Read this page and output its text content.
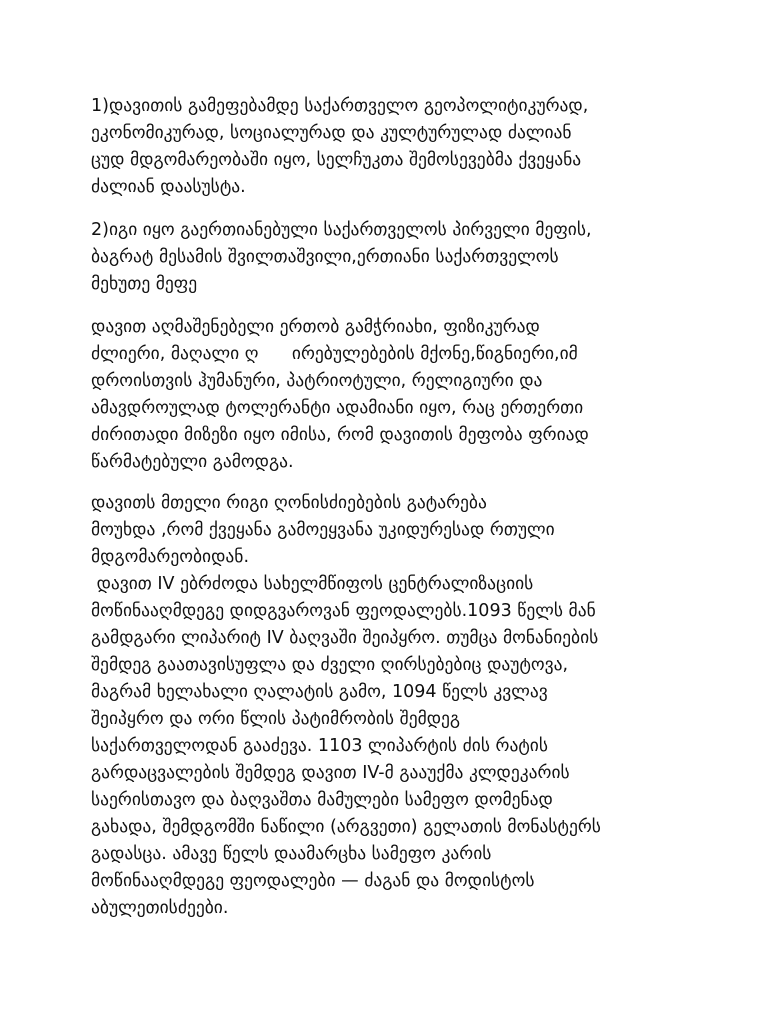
1)დავითის გამეფებამდე საქართველო გეოპოლიტიკურად,
ეკონომიკურად, სოციალურად და კულტურულად ძალიან
ცუდ მდგომარეობაში იყო, სელჩუკთა შემოსევებმა ქვეყანა
ძალიან დაასუსტა.

2)იგი იყო გაერთიანებული საქართველოს პირველი მეფის,
ბაგრატ მესამის შვილთაშვილი,ერთიანი საქართველოს
მეხუთე მეფე

დავით აღმაშენებელი ერთობ გამჭრიახი, ფიზიკურად
ძლიერი, მაღალი ღ      ირებულებების მქონე,წიგნიერი,იმ
დროისთვის ჰუმანური, პატრიოტული, რელიგიური და
ამავდროულად ტოლერანტი ადამიანი იყო, რაც ერთერთი
ძირითადი მიზეზი იყო იმისა, რომ დავითის მეფობა ფრიად
წარმატებული გამოდგა.

დავითს მთელი რიგი ღონისძიებების გატარება
მოუხდა ,რომ ქვეყანა გამოეყვანა უკიდურესად რთული
მდგომარეობიდან.
დავით IV ებრძოდა სახელმწიფოს ცენტრალიზაციის
მოწინააღმდეგე დიდგვაროვან ფეოდალებს.1093 წელს მან
გამდგარი ლიპარიტ IV ბაღვაში შეიპყრო. თუმცა მონანიების
შემდეგ გაათავისუფლა და ძველი ღირსებებიც დაუტოვა,
მაგრამ ხელახალი ღალატის გამო, 1094 წელს კვლავ
შეიპყრო და ორი წლის პატიმრობის შემდეგ
საქართველოდან გააძევა. 1103 ლიპარტის ძის რატის
გარდაცვალების შემდეგ დავით IV-მ გააუქმა კლდეკარის
საერისთავო და ბაღვაშთა მამულები სამეფო დომენად
გახადა, შემდგომში ნაწილი (არგვეთი) გელათის მონასტერს
გადასცა. ამავე წელს დაამარცხა სამეფო კარის
მოწინააღმდეგე ფეოდალები — ძაგან და მოდისტოს
აბულეთისძეები.
